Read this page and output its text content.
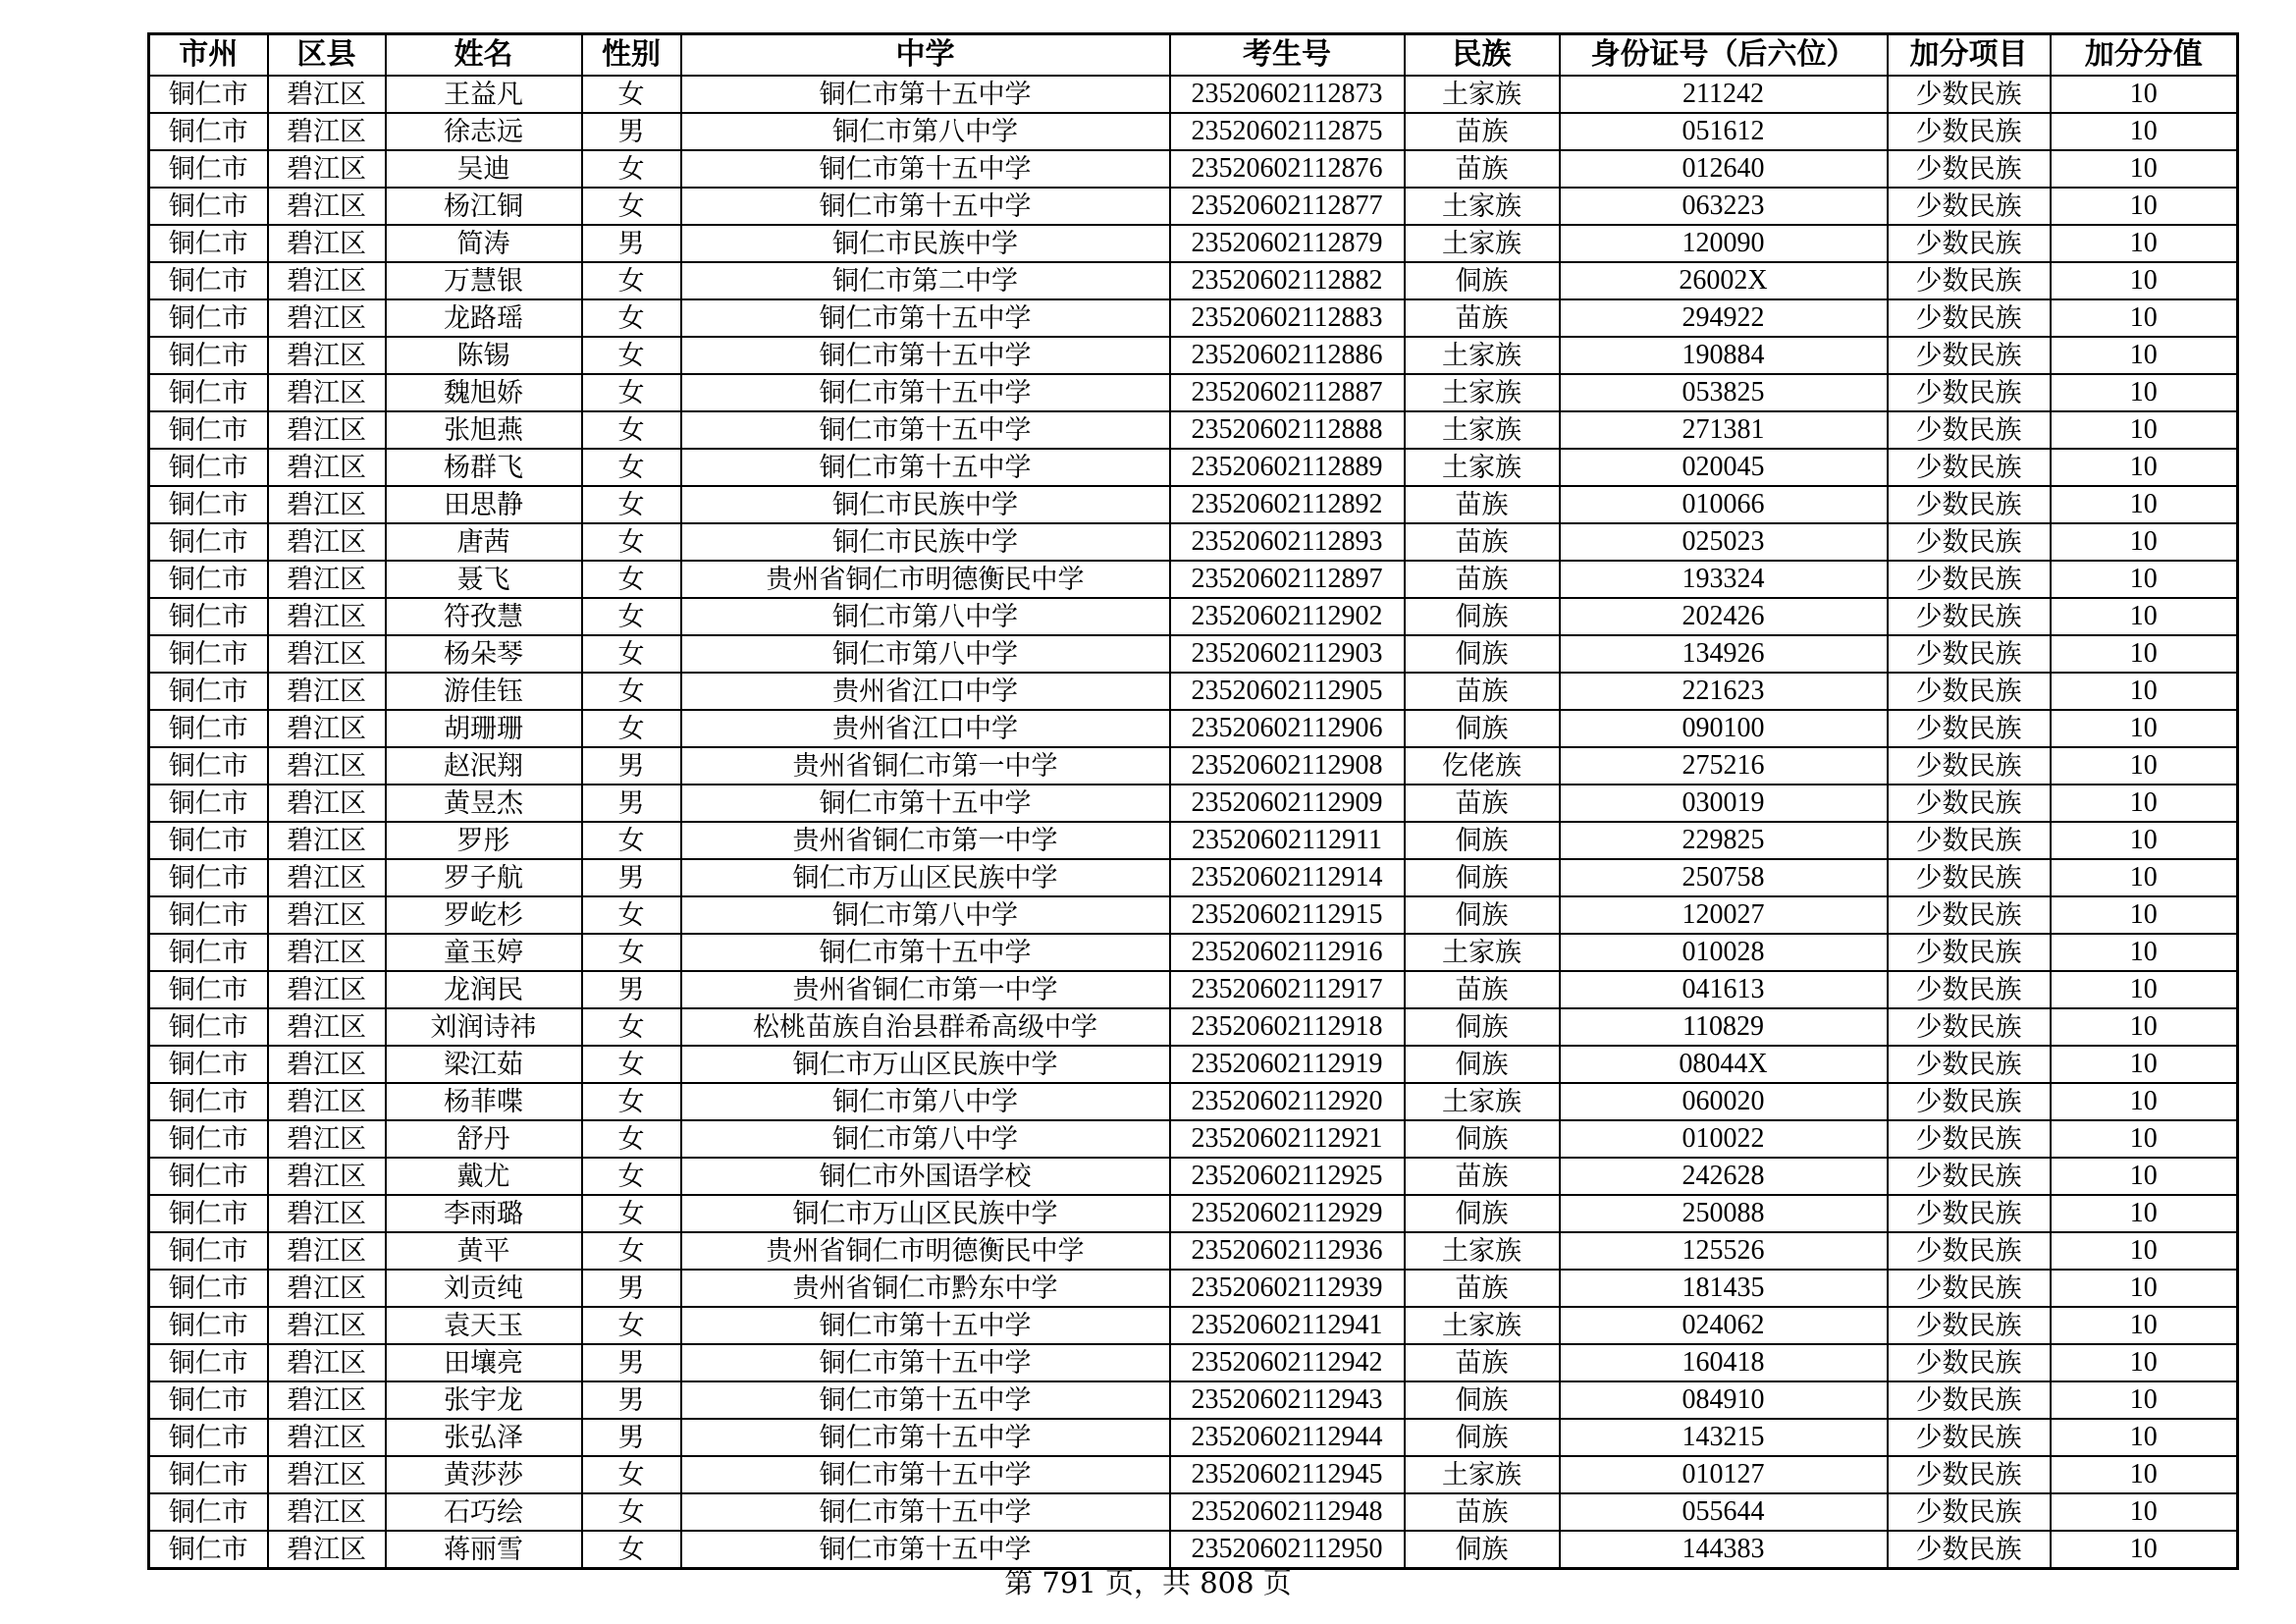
市州	区县	姓名	性别	中学	考生号	民族	身份证号（后六位）	加分项目	加分分值
铜仁市	碧江区	王益凡	女	铜仁市第十五中学	23520602112873	土家族	211242	少数民族	10
铜仁市	碧江区	徐志远	男	铜仁市第八中学	23520602112875	苗族	051612	少数民族	10
铜仁市	碧江区	吴迪	女	铜仁市第十五中学	23520602112876	苗族	012640	少数民族	10
铜仁市	碧江区	杨江铜	女	铜仁市第十五中学	23520602112877	土家族	063223	少数民族	10
铜仁市	碧江区	简涛	男	铜仁市民族中学	23520602112879	土家族	120090	少数民族	10
铜仁市	碧江区	万慧银	女	铜仁市第二中学	23520602112882	侗族	26002X	少数民族	10
铜仁市	碧江区	龙路瑶	女	铜仁市第十五中学	23520602112883	苗族	294922	少数民族	10
铜仁市	碧江区	陈锡	女	铜仁市第十五中学	23520602112886	土家族	190884	少数民族	10
铜仁市	碧江区	魏旭娇	女	铜仁市第十五中学	23520602112887	土家族	053825	少数民族	10
铜仁市	碧江区	张旭燕	女	铜仁市第十五中学	23520602112888	土家族	271381	少数民族	10
铜仁市	碧江区	杨群飞	女	铜仁市第十五中学	23520602112889	土家族	020045	少数民族	10
铜仁市	碧江区	田思静	女	铜仁市民族中学	23520602112892	苗族	010066	少数民族	10
铜仁市	碧江区	唐茜	女	铜仁市民族中学	23520602112893	苗族	025023	少数民族	10
铜仁市	碧江区	聂飞	女	贵州省铜仁市明德衡民中学	23520602112897	苗族	193324	少数民族	10
铜仁市	碧江区	符孜慧	女	铜仁市第八中学	23520602112902	侗族	202426	少数民族	10
铜仁市	碧江区	杨朵琴	女	铜仁市第八中学	23520602112903	侗族	134926	少数民族	10
铜仁市	碧江区	游佳钰	女	贵州省江口中学	23520602112905	苗族	221623	少数民族	10
铜仁市	碧江区	胡珊珊	女	贵州省江口中学	23520602112906	侗族	090100	少数民族	10
铜仁市	碧江区	赵泯翔	男	贵州省铜仁市第一中学	23520602112908	仡佬族	275216	少数民族	10
铜仁市	碧江区	黄昱杰	男	铜仁市第十五中学	23520602112909	苗族	030019	少数民族	10
铜仁市	碧江区	罗彤	女	贵州省铜仁市第一中学	23520602112911	侗族	229825	少数民族	10
铜仁市	碧江区	罗子航	男	铜仁市万山区民族中学	23520602112914	侗族	250758	少数民族	10
铜仁市	碧江区	罗屹杉	女	铜仁市第八中学	23520602112915	侗族	120027	少数民族	10
铜仁市	碧江区	童玉婷	女	铜仁市第十五中学	23520602112916	土家族	010028	少数民族	10
铜仁市	碧江区	龙润民	男	贵州省铜仁市第一中学	23520602112917	苗族	041613	少数民族	10
铜仁市	碧江区	刘润诗祎	女	松桃苗族自治县群希高级中学	23520602112918	侗族	110829	少数民族	10
铜仁市	碧江区	梁江茹	女	铜仁市万山区民族中学	23520602112919	侗族	08044X	少数民族	10
铜仁市	碧江区	杨菲喋	女	铜仁市第八中学	23520602112920	土家族	060020	少数民族	10
铜仁市	碧江区	舒丹	女	铜仁市第八中学	23520602112921	侗族	010022	少数民族	10
铜仁市	碧江区	戴尤	女	铜仁市外国语学校	23520602112925	苗族	242628	少数民族	10
铜仁市	碧江区	李雨璐	女	铜仁市万山区民族中学	23520602112929	侗族	250088	少数民族	10
铜仁市	碧江区	黄平	女	贵州省铜仁市明德衡民中学	23520602112936	土家族	125526	少数民族	10
铜仁市	碧江区	刘贡纯	男	贵州省铜仁市黔东中学	23520602112939	苗族	181435	少数民族	10
铜仁市	碧江区	袁天玉	女	铜仁市第十五中学	23520602112941	土家族	024062	少数民族	10
铜仁市	碧江区	田壤亮	男	铜仁市第十五中学	23520602112942	苗族	160418	少数民族	10
铜仁市	碧江区	张宇龙	男	铜仁市第十五中学	23520602112943	侗族	084910	少数民族	10
铜仁市	碧江区	张弘泽	男	铜仁市第十五中学	23520602112944	侗族	143215	少数民族	10
铜仁市	碧江区	黄莎莎	女	铜仁市第十五中学	23520602112945	土家族	010127	少数民族	10
铜仁市	碧江区	石巧绘	女	铜仁市第十五中学	23520602112948	苗族	055644	少数民族	10
铜仁市	碧江区	蒋丽雪	女	铜仁市第十五中学	23520602112950	侗族	144383	少数民族	10
第 791 页，共 808 页
